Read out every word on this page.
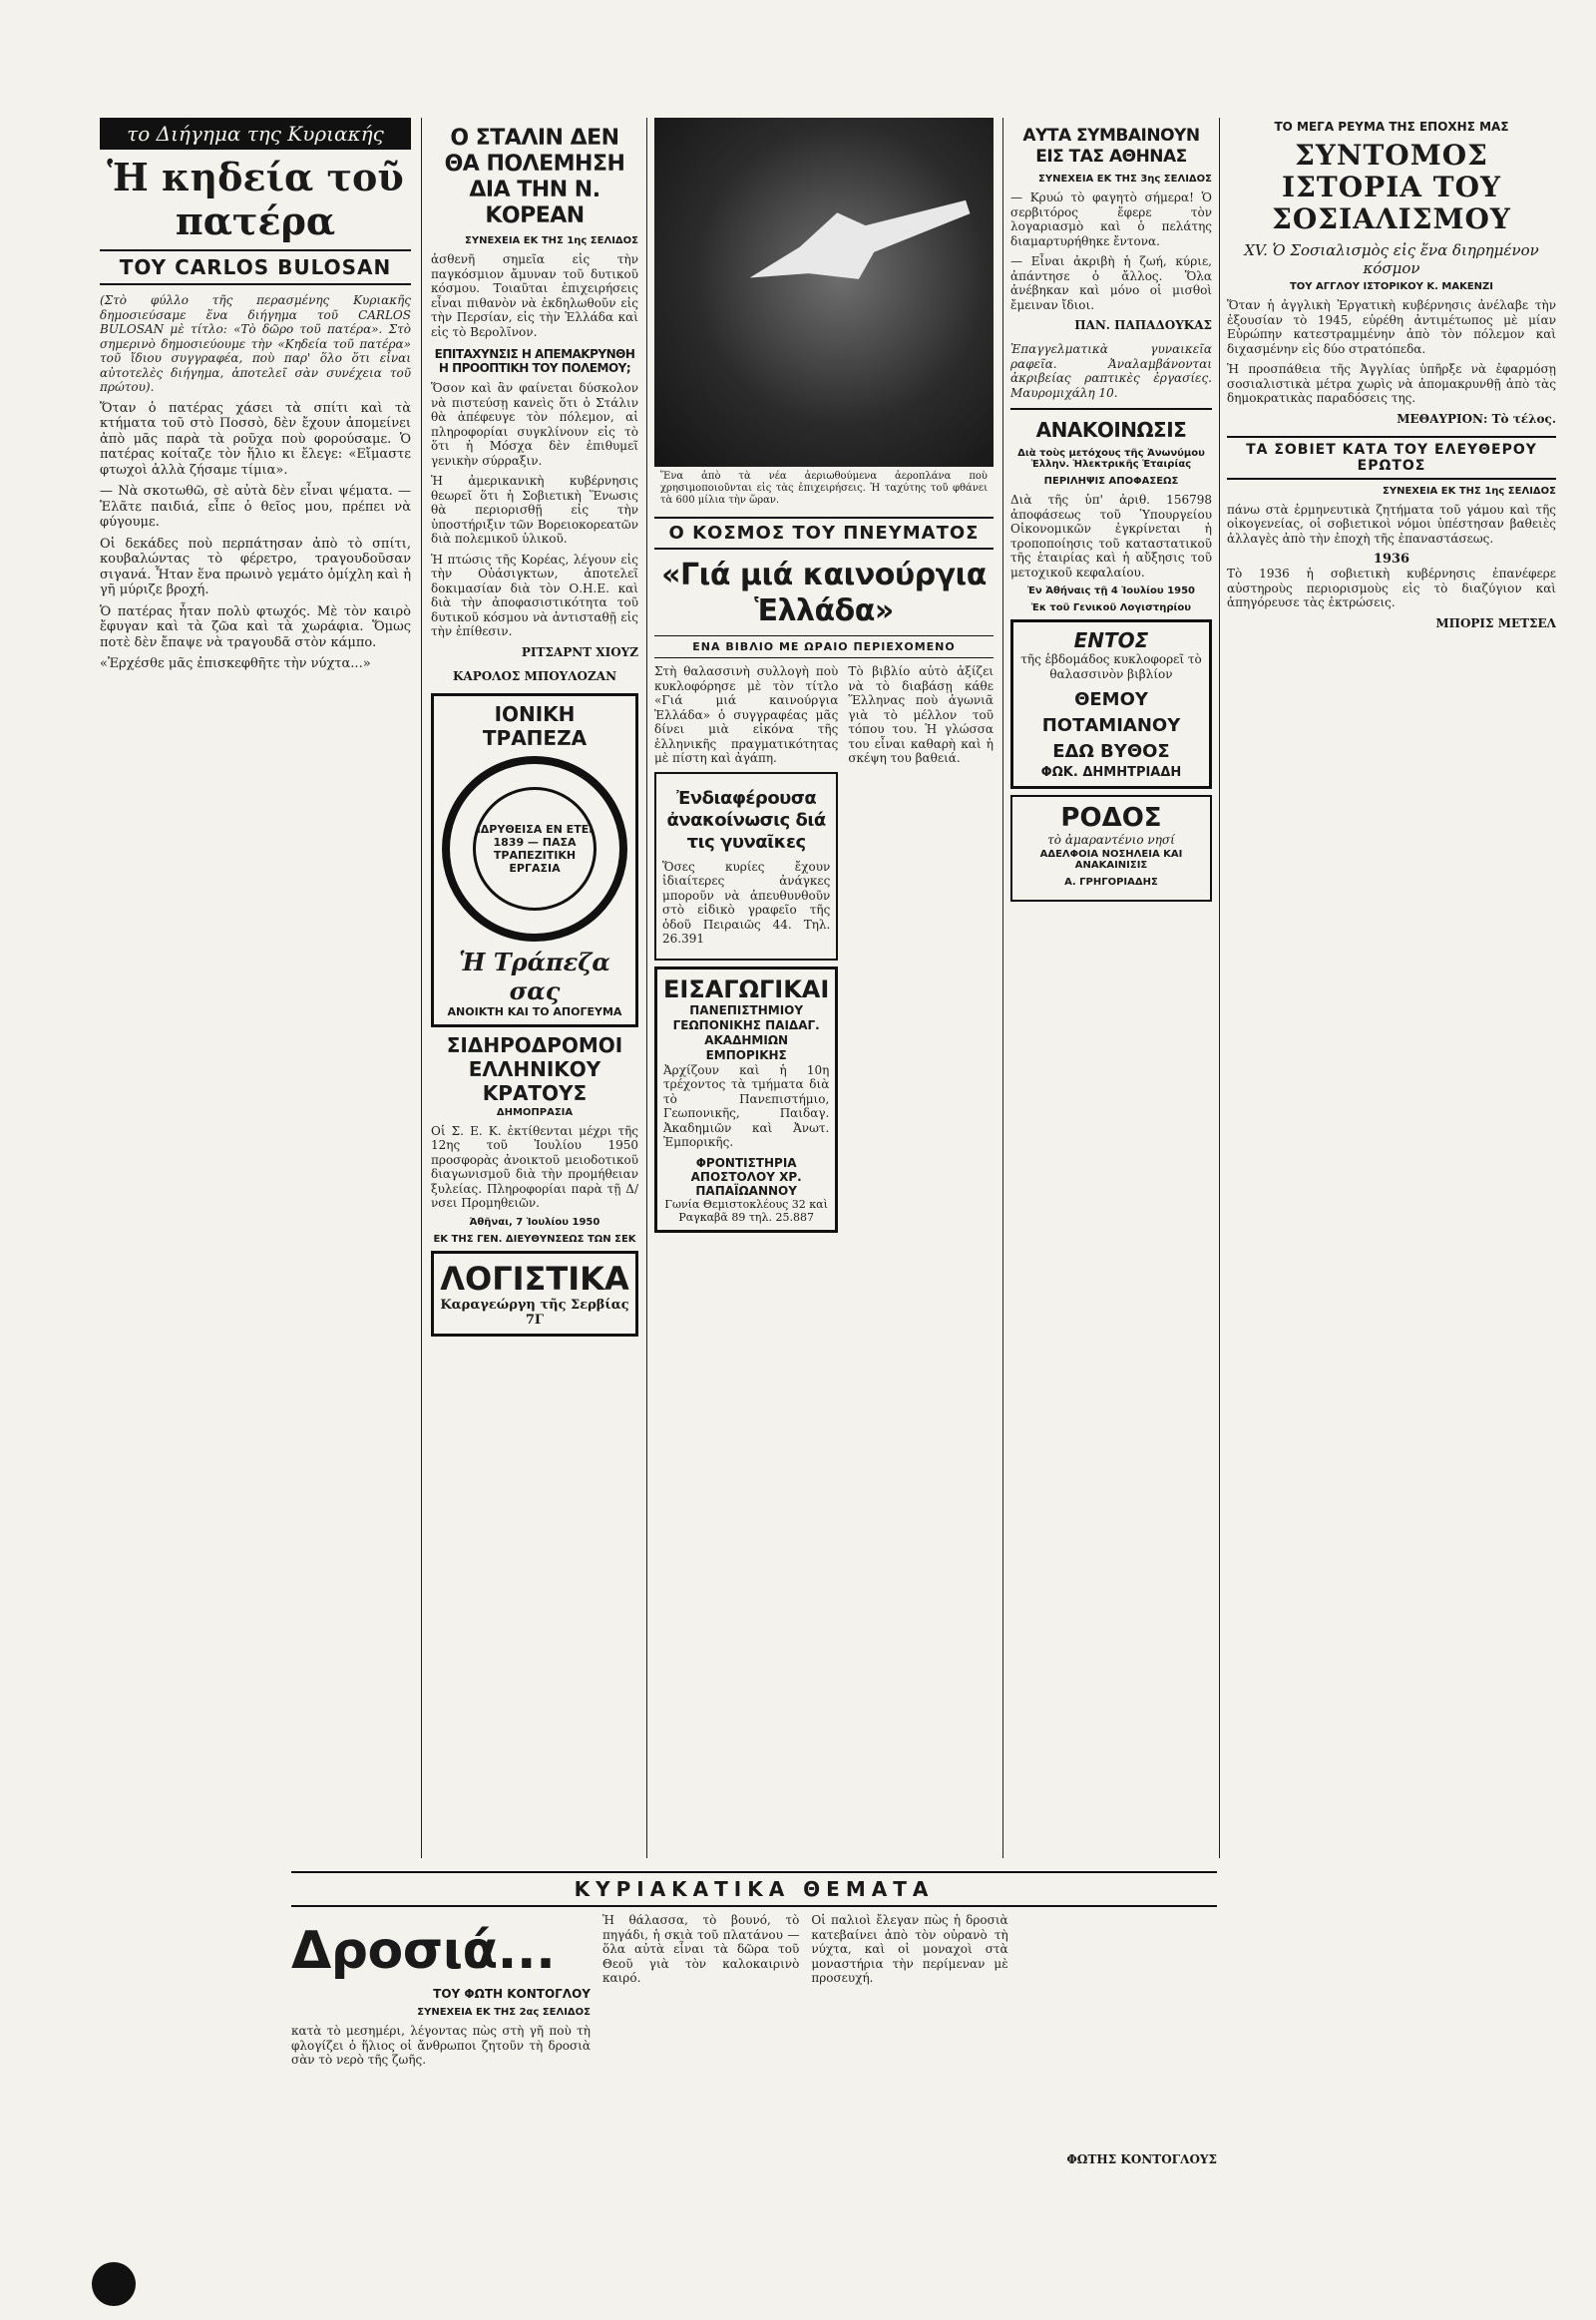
το Διήγημα της Κυριακής
Ἡ κηδεία τοῦ πατέρα
TOY CARLOS BULOSAN

(Στὸ φύλλο τῆς περασμένης Κυριακῆς δημοσιεύσαμε ἕνα διήγημα τοῦ CARLOS BULOSAN μὲ τίτλο: «Τὸ δῶρο τοῦ πατέρα». Στὸ σημερινὸ δημοσιεύουμε τὴν «Κηδεία τοῦ πατέρα» τοῦ ἴδιου συγγραφέα, ποὺ παρ' ὅλο ὅτι εἶναι αὐτοτελὲς διήγημα, ἀποτελεῖ σὰν συνέχεια τοῦ πρώτου).

Ὅταν ὁ πατέρας χάσει τὰ σπίτι καὶ τὰ κτήματα τοῦ στὸ Ποσσὸ, δὲν ἔχουν ἀπομείνει ἀπὸ μᾶς παρὰ τὰ ροῦχα ποὺ φορούσαμε. Ὁ πατέρας κοίταζε τὸν ἥλιο κι ἔλεγε: «Εἴμαστε φτωχοὶ ἀλλὰ ζήσαμε τίμια».

— Νὰ σκοτωθῶ, σὲ αὐτὰ δὲν εἶναι ψέματα. — Ἐλᾶτε παιδιά, εἶπε ὁ θεῖος μου, πρέπει νὰ φύγουμε.

Οἱ δεκάδες ποὺ περπάτησαν ἀπὸ τὸ σπίτι, κουβαλώντας τὸ φέρετρο, τραγουδοῦσαν σιγανά. Ἦταν ἕνα πρωινὸ γεμάτο ὁμίχλη καὶ ἡ γῆ μύριζε βροχή.

Ὁ πατέρας ἦταν πολὺ φτωχός. Μὲ τὸν καιρὸ ἔφυγαν καὶ τὰ ζῶα καὶ τὰ χωράφια. Ὅμως ποτὲ δὲν ἔπαψε νὰ τραγουδᾶ στὸν κάμπο.

«Ἐρχέσθε μᾶς ἐπισκεφθῆτε τὴν νύχτα...»

Ο ΣΤΑΛΙΝ ΔΕΝ ΘΑ ΠΟΛΕΜΗΣΗ ΔΙΑ ΤΗΝ Ν. ΚΟΡΕΑΝ
ΣΥΝΕΧΕΙΑ ΕΚ ΤΗΣ 1ης ΣΕΛΙΔΟΣ

ἀσθενῆ σημεῖα εἰς τὴν παγκόσμιον ἄμυναν τοῦ δυτικοῦ κόσμου. Τοιαῦται ἐπιχειρήσεις εἶναι πιθανὸν νὰ ἐκδηλωθοῦν εἰς τὴν Περσίαν, εἰς τὴν Ἑλλάδα καὶ εἰς τὸ Βερολῖνον.

ΕΠΙΤΑΧΥΝΣΙΣ Η ΑΠΕΜΑΚΡΥΝΘΗ Η ΠΡΟΟΠΤΙΚΗ ΤΟΥ ΠΟΛΕΜΟΥ;

Ὅσον καὶ ἂν φαίνεται δύσκολον νὰ πιστεύσῃ κανεὶς ὅτι ὁ Στάλιν θὰ ἀπέφευγε τὸν πόλεμον, αἱ πληροφορίαι συγκλίνουν εἰς τὸ ὅτι ἡ Μόσχα δὲν ἐπιθυμεῖ γενικὴν σύρραξιν.

Ἡ ἀμερικανικὴ κυβέρνησις θεωρεῖ ὅτι ἡ Σοβιετικὴ Ἕνωσις θὰ περιορισθῇ εἰς τὴν ὑποστήριξιν τῶν Βορειοκορεατῶν διὰ πολεμικοῦ ὑλικοῦ.

Ἡ πτώσις τῆς Κορέας, λέγουν εἰς τὴν Οὐάσιγκτων, ἀποτελεῖ δοκιμασίαν διὰ τὸν Ο.Η.Ε. καὶ διὰ τὴν ἀποφασιστικότητα τοῦ δυτικοῦ κόσμου νὰ ἀντισταθῇ εἰς τὴν ἐπίθεσιν.

ΡΙΤΣΑΡΝΤ ΧΙΟΥΖ
ΚΑΡΟΛΟΣ ΜΠΟΥΛΟΖΑΝ
ΙΟΝΙΚΗ ΤΡΑΠΕΖΑ
ΙΔΡΥΘΕΙΣΑ ΕΝ ΕΤΕΙ 1839 — ΠΑΣΑ ΤΡΑΠΕΖΙΤΙΚΗ ΕΡΓΑΣΙΑ
Ἡ Τράπεζα σας
ΑΝΟΙΚΤΗ ΚΑΙ ΤΟ ΑΠΟΓΕΥΜΑ
ΣΙΔΗΡΟΔΡΟΜΟΙ ΕΛΛΗΝΙΚΟΥ ΚΡΑΤΟΥΣ
ΔΗΜΟΠΡΑΣΙΑ

Οἱ Σ. Ε. Κ. ἐκτίθενται μέχρι τῆς 12ης τοῦ Ἰουλίου 1950 προσφορὰς ἀνοικτοῦ μειοδοτικοῦ διαγωνισμοῦ διὰ τὴν προμήθειαν ξυλείας. Πληροφορίαι παρὰ τῇ Δ/νσει Προμηθειῶν.

Ἀθῆναι, 7 Ἰουλίου 1950
ΕΚ ΤΗΣ ΓΕΝ. ΔΙΕΥΘΥΝΣΕΩΣ ΤΩΝ ΣΕΚ
ΛΟΓΙΣΤΙΚΑ
Καραγεώργη τῆς Σερβίας 7Γ
Ἕνα ἀπὸ τὰ νέα ἀεριωθούμενα ἀεροπλάνα ποὺ χρησιμοποιοῦνται εἰς τὰς ἐπιχειρήσεις. Ἡ ταχύτης τοῦ φθάνει τὰ 600 μίλια τὴν ὥραν.
Ο ΚΟΣΜΟΣ ΤΟΥ ΠΝΕΥΜΑΤΟΣ
«Γιά μιά καινούργια Ἑλλάδα»
ΕΝΑ ΒΙΒΛΙΟ ΜΕ ΩΡΑΙΟ ΠΕΡΙΕΧΟΜΕΝΟ

Στὴ θαλασσινὴ συλλογὴ ποὺ κυκλοφόρησε μὲ τὸν τίτλο «Γιά μιά καινούργια Ἑλλάδα» ὁ συγγραφέας μᾶς δίνει μιὰ εἰκόνα τῆς ἑλληνικῆς πραγματικότητας μὲ πίστη καὶ ἀγάπη.

Ἐνδιαφέρουσα ἀνακοίνωσις διά τις γυναῖκες

Ὅσες κυρίες ἔχουν ἰδιαίτερες ἀνάγκες μποροῦν νὰ ἀπευθυνθοῦν στὸ εἰδικὸ γραφεῖο τῆς ὁδοῦ Πειραιῶς 44. Τηλ. 26.391

ΕΙΣΑΓΩΓΙΚΑΙ
ΠΑΝΕΠΙΣΤΗΜΙΟΥ ΓΕΩΠΟΝΙΚΗΣ ΠΑΙΔΑΓ. ΑΚΑΔΗΜΙΩΝ ΕΜΠΟΡΙΚΗΣ

Ἀρχίζουν καὶ ἡ 10η τρέχοντος τὰ τμήματα διὰ τὸ Πανεπιστήμιο, Γεωπονικῆς, Παιδαγ. Ἀκαδημιῶν καὶ Ἀνωτ. Ἐμπορικῆς.

ΦΡΟΝΤΙΣΤΗΡΙΑ ΑΠΟΣΤΟΛΟΥ ΧΡ. ΠΑΠΑΪΩΑΝΝΟΥ
Γωνία Θεμιστοκλέους 32 καὶ Ραγκαβᾶ 89 τηλ. 25.887

Τὸ βιβλίο αὐτὸ ἀξίζει νὰ τὸ διαβάσῃ κάθε Ἕλληνας ποὺ ἀγωνιᾶ γιὰ τὸ μέλλον τοῦ τόπου του. Ἡ γλώσσα του εἶναι καθαρὴ καὶ ἡ σκέψη του βαθειά.

ΑΥΤΑ ΣΥΜΒΑΙΝΟΥΝ ΕΙΣ ΤΑΣ ΑΘΗΝΑΣ
ΣΥΝΕΧΕΙΑ ΕΚ ΤΗΣ 3ης ΣΕΛΙΔΟΣ

— Κρυώ τὸ φαγητὸ σήμερα! Ὁ σερβιτόρος ἔφερε τὸν λογαριασμὸ καὶ ὁ πελάτης διαμαρτυρήθηκε ἔντονα.

— Εἶναι ἀκριβὴ ἡ ζωή, κύριε, ἀπάντησε ὁ ἄλλος. Ὅλα ἀνέβηκαν καὶ μόνο οἱ μισθοὶ ἔμειναν ἴδιοι.

ΠΑΝ. ΠΑΠΑΔΟΥΚΑΣ

Ἐπαγγελματικὰ γυναικεῖα ραφεῖα. Ἀναλαμβάνονται ἀκριβείας ραπτικὲς ἐργασίες. Μαυρομιχάλη 10.

ΑΝΑΚΟΙΝΩΣΙΣ
Διὰ τοὺς μετόχους τῆς Ἀνωνύμου Ἑλλην. Ἠλεκτρικῆς Ἑταιρίας
ΠΕΡΙΛΗΨΙΣ ΑΠΟΦΑΣΕΩΣ

Διὰ τῆς ὑπ' ἀριθ. 156798 ἀποφάσεως τοῦ Ὑπουργείου Οἰκονομικῶν ἐγκρίνεται ἡ τροποποίησις τοῦ καταστατικοῦ τῆς ἑταιρίας καὶ ἡ αὔξησις τοῦ μετοχικοῦ κεφαλαίου.

Ἐν Ἀθήναις τῇ 4 Ἰουλίου 1950
Ἐκ τοῦ Γενικοῦ Λογιστηρίου
ΕΝΤΟΣ

τῆς ἑβδομάδος κυκλοφορεῖ τὸ θαλασσινὸν βιβλίον

ΘΕΜΟΥ ΠΟΤΑΜΙΑΝΟΥ ΕΔΩ ΒΥΘΟΣ
ΦΩΚ. ΔΗΜΗΤΡΙΑΔΗ
ΡΟΔΟΣ
τὸ ἀμαραντένιο νησί
ΑΔΕΛΦΟΙΑ ΝΟΣΗΛΕΙΑ ΚΑΙ ΑΝΑΚΑΙΝΙΣΙΣ
Α. ΓΡΗΓΟΡΙΑΔΗΣ
ΤΟ ΜΕΓΑ ΡΕΥΜΑ ΤΗΣ ΕΠΟΧΗΣ ΜΑΣ
ΣΥΝΤΟΜΟΣ ΙΣΤΟΡΙΑ ΤΟΥ ΣΟΣΙΑΛΙΣΜΟΥ
ΧV. Ὁ Σοσιαλισμὸς εἰς ἕνα διηρημένον κόσμον
ΤΟΥ ΑΓΓΛΟΥ ΙΣΤΟΡΙΚΟΥ Κ. ΜΑΚΕΝΖΙ

Ὅταν ἡ ἀγγλικὴ Ἐργατικὴ κυβέρνησις ἀνέλαβε τὴν ἐξουσίαν τὸ 1945, εὑρέθη ἀντιμέτωπος μὲ μίαν Εὐρώπην κατεστραμμένην ἀπὸ τὸν πόλεμον καὶ διχασμένην εἰς δύο στρατόπεδα.

Ἡ προσπάθεια τῆς Ἀγγλίας ὑπῆρξε νὰ ἐφαρμόσῃ σοσιαλιστικὰ μέτρα χωρὶς νὰ ἀπομακρυνθῇ ἀπὸ τὰς δημοκρατικὰς παραδόσεις της.

ΜΕΘΑΥΡΙΟΝ: Τὸ τέλος.
ΤΑ ΣΟΒΙΕΤ ΚΑΤΑ ΤΟΥ ΕΛΕΥΘΕΡΟΥ ΕΡΩΤΟΣ
ΣΥΝΕΧΕΙΑ ΕΚ ΤΗΣ 1ης ΣΕΛΙΔΟΣ

πάνω στὰ ἑρμηνευτικὰ ζητήματα τοῦ γάμου καὶ τῆς οἰκογενείας, οἱ σοβιετικοὶ νόμοι ὑπέστησαν βαθειὲς ἀλλαγὲς ἀπὸ τὴν ἐποχὴ τῆς ἐπαναστάσεως.

1936

Τὸ 1936 ἡ σοβιετικὴ κυβέρνησις ἐπανέφερε αὐστηροὺς περιορισμοὺς εἰς τὸ διαζύγιον καὶ ἀπηγόρευσε τὰς ἐκτρώσεις.

ΜΠΟΡΙΣ ΜΕΤΣΕΛ
ΚΥΡΙΑΚΑΤΙΚΑ ΘΕΜΑΤΑ
Δροσιά...
ΤΟΥ ΦΩΤΗ ΚΟΝΤΟΓΛΟΥ
ΣΥΝΕΧΕΙΑ ΕΚ ΤΗΣ 2ας ΣΕΛΙΔΟΣ

κατὰ τὸ μεσημέρι, λέγοντας πὼς στὴ γῆ ποὺ τὴ φλογίζει ὁ ἥλιος οἱ ἄνθρωποι ζητοῦν τὴ δροσιὰ σὰν τὸ νερὸ τῆς ζωῆς.

Ἡ θάλασσα, τὸ βουνό, τὸ πηγάδι, ἡ σκιὰ τοῦ πλατάνου — ὅλα αὐτὰ εἶναι τὰ δῶρα τοῦ Θεοῦ γιὰ τὸν καλοκαιρινὸ καιρό.

Οἱ παλιοὶ ἔλεγαν πὼς ἡ δροσιὰ κατεβαίνει ἀπὸ τὸν οὐρανὸ τὴ νύχτα, καὶ οἱ μοναχοὶ στὰ μοναστήρια τὴν περίμεναν μὲ προσευχή.

ΦΩΤΗΣ ΚΟΝΤΟΓΛΟΥΣ
